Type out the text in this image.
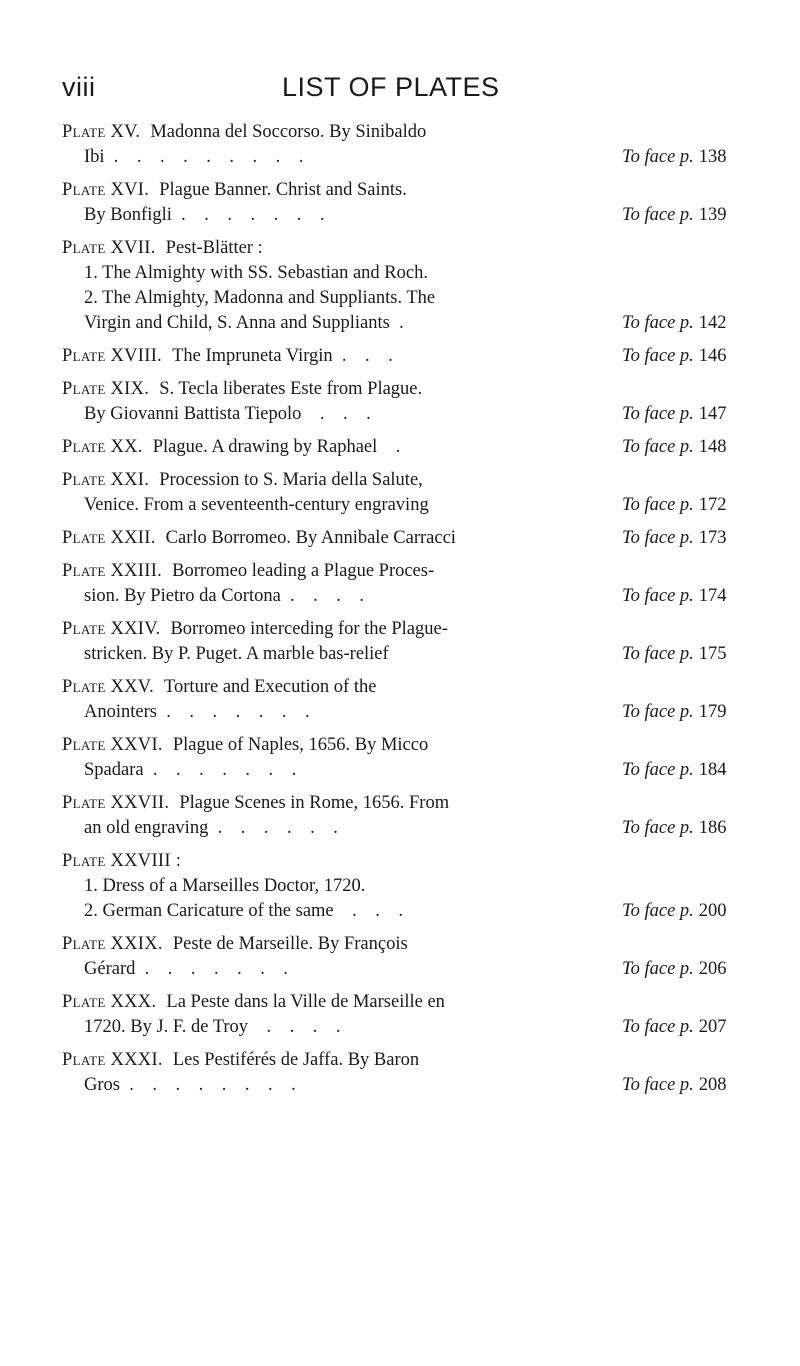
viii	LIST OF PLATES
Plate XV. Madonna del Soccorso. By Sinibaldo
Ibi . . . . . . . . .	To face p. 138
Plate XVI. Plague Banner. Christ and Saints.
By Bonfigli . . . . . . .	To face p. 139
Plate XVII. Pest-Blätter :
1. The Almighty with SS. Sebastian and Roch.
2. The Almighty, Madonna and Suppliants. The
Virgin and Child, S. Anna and Suppliants .	To face p. 142
Plate XVIII. The Impruneta Virgin . . .	To face p. 146
Plate XIX. S. Tecla liberates Este from Plague.
By Giovanni Battista Tiepolo . . .	To face p. 147
Plate XX. Plague. A drawing by Raphael .	To face p. 148
Plate XXI. Procession to S. Maria della Salute,
Venice. From a seventeenth-century engraving	To face p. 172
Plate XXII. Carlo Borromeo. By Annibale Carracci	To face p. 173
Plate XXIII. Borromeo leading a Plague Proces-
sion. By Pietro da Cortona . . . .	To face p. 174
Plate XXIV. Borromeo interceding for the Plague-
stricken. By P. Puget. A marble bas-relief	To face p. 175
Plate XXV. Torture and Execution of the
Anointers . . . . . . .	To face p. 179
Plate XXVI. Plague of Naples, 1656. By Micco
Spadara . . . . . . .	To face p. 184
Plate XXVII. Plague Scenes in Rome, 1656. From
an old engraving . . . . . .	To face p. 186
Plate XXVIII :
1. Dress of a Marseilles Doctor, 1720.
2. German Caricature of the same . . .	To face p. 200
Plate XXIX. Peste de Marseille. By François
Gérard . . . . . . .	To face p. 206
Plate XXX. La Peste dans la Ville de Marseille en
1720. By J. F. de Troy . . . .	To face p. 207
Plate XXXI. Les Pestiférés de Jaffa. By Baron
Gros . . . . . . . .	To face p. 208
